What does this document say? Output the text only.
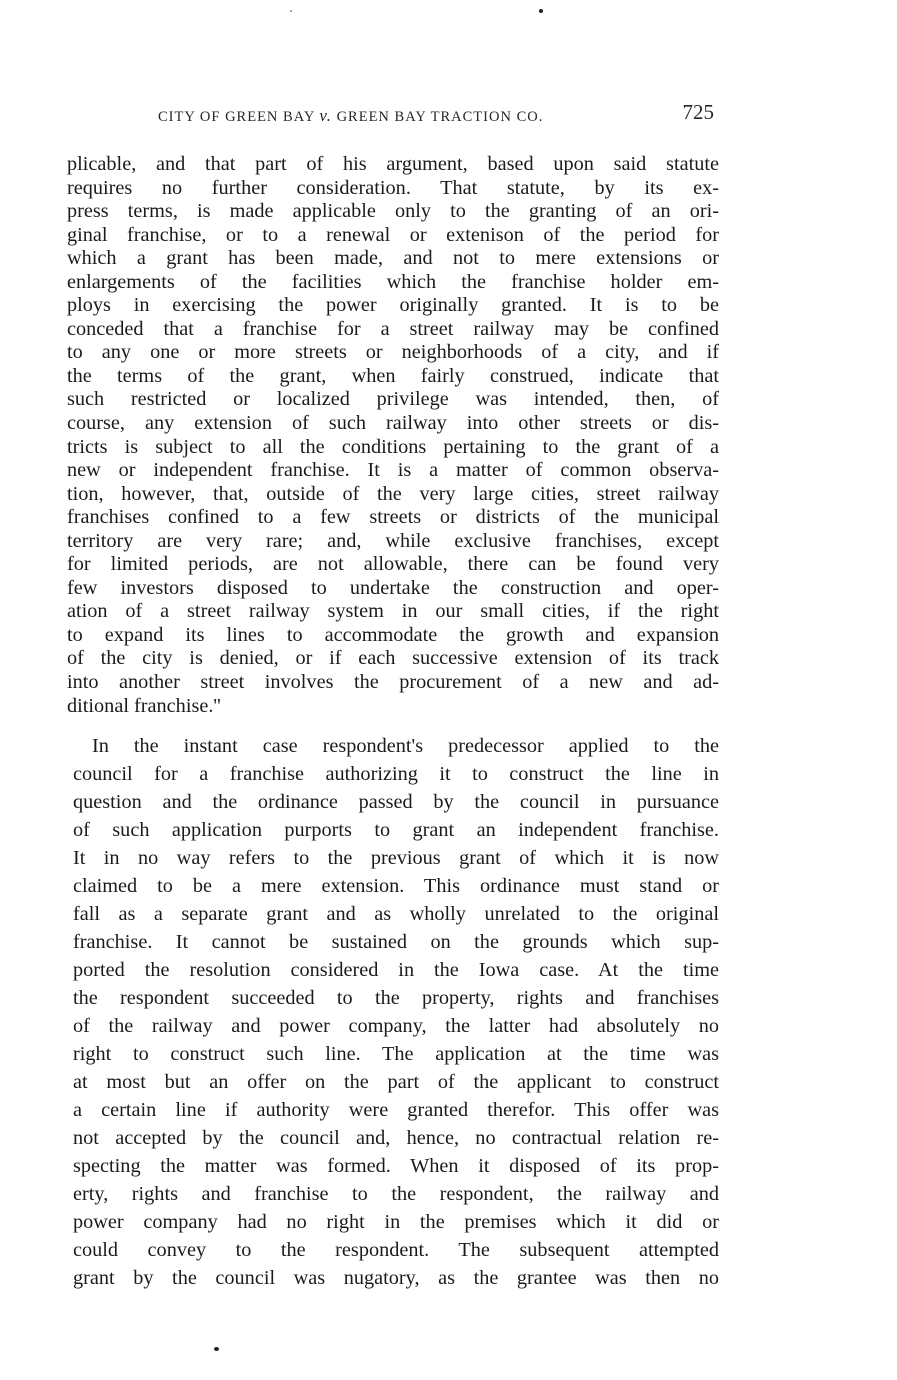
CITY OF GREEN BAY v. GREEN BAY TRACTION CO.	725
plicable, and that part of his argument, based upon said statute
requires no further consideration. That statute, by its ex-
press terms, is made applicable only to the granting of an ori-
ginal franchise, or to a renewal or extenison of the period for
which a grant has been made, and not to mere extensions or
enlargements of the facilities which the franchise holder em-
ploys in exercising the power originally granted. It is to be
conceded that a franchise for a street railway may be confined
to any one or more streets or neighborhoods of a city, and if
the terms of the grant, when fairly construed, indicate that
such restricted or localized privilege was intended, then, of
course, any extension of such railway into other streets or dis-
tricts is subject to all the conditions pertaining to the grant of a
new or independent franchise. It is a matter of common observa-
tion, however, that, outside of the very large cities, street railway
franchises confined to a few streets or districts of the municipal
territory are very rare; and, while exclusive franchises, except
for limited periods, are not allowable, there can be found very
few investors disposed to undertake the construction and oper-
ation of a street railway system in our small cities, if the right
to expand its lines to accommodate the growth and expansion
of the city is denied, or if each successive extension of its track
into another street involves the procurement of a new and ad-
ditional franchise.''
In the instant case respondent's predecessor applied to the
council for a franchise authorizing it to construct the line in
question and the ordinance passed by the council in pursuance
of such application purports to grant an independent franchise.
It in no way refers to the previous grant of which it is now
claimed to be a mere extension. This ordinance must stand or
fall as a separate grant and as wholly unrelated to the original
franchise. It cannot be sustained on the grounds which sup-
ported the resolution considered in the Iowa case. At the time
the respondent succeeded to the property, rights and franchises
of the railway and power company, the latter had absolutely no
right to construct such line. The application at the time was
at most but an offer on the part of the applicant to construct
a certain line if authority were granted therefor. This offer was
not accepted by the council and, hence, no contractual relation re-
specting the matter was formed. When it disposed of its prop-
erty, rights and franchise to the respondent, the railway and
power company had no right in the premises which it did or
could convey to the respondent. The subsequent attempted
grant by the council was nugatory, as the grantee was then no
